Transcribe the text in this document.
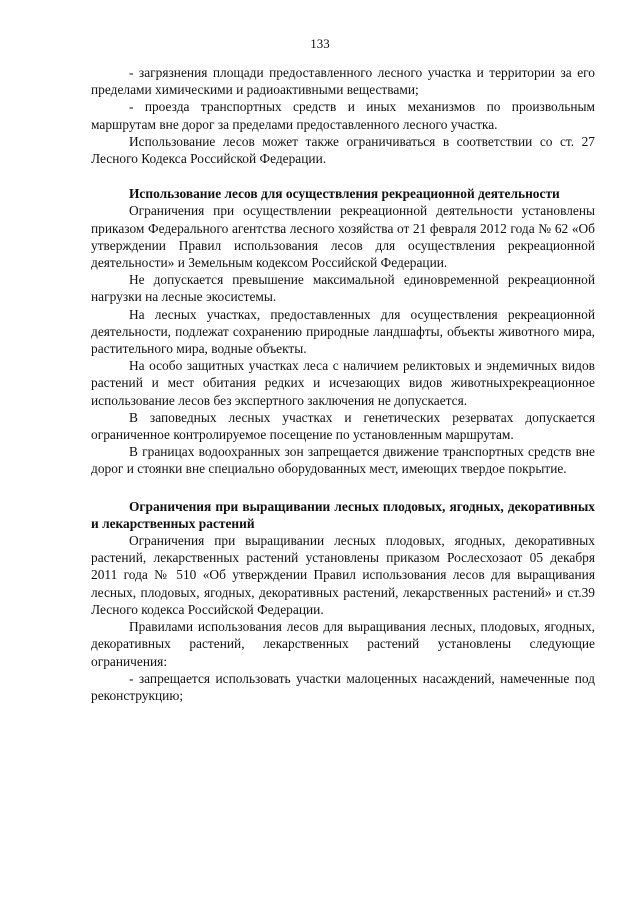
133

- загрязнения площади предоставленного лесного участка и территории за его пределами химическими и радиоактивными веществами;

- проезда транспортных средств и иных механизмов по произвольным маршрутам вне дорог за пределами предоставленного лесного участка.

Использование лесов может также ограничиваться в соответствии со ст. 27 Лесного Кодекса Российской Федерации.

Использование лесов для осуществления рекреационной деятельности

Ограничения при осуществлении рекреационной деятельности установлены приказом Федерального агентства лесного хозяйства от 21 февраля 2012 года № 62 «Об утверждении Правил использования лесов для осуществления рекреационной деятельности» и Земельным кодексом Российской Федерации.

Не допускается превышение максимальной единовременной рекреационной нагрузки на лесные экосистемы.

На лесных участках, предоставленных для осуществления рекреационной деятельности, подлежат сохранению природные ландшафты, объекты животного мира, растительного мира, водные объекты.

На особо защитных участках леса с наличием реликтовых и эндемичных видов растений и мест обитания редких и исчезающих видов животныхрекреационное использование лесов без экспертного заключения не допускается.

В заповедных лесных участках и генетических резерватах допускается ограниченное контролируемое посещение по установленным маршрутам.

В границах водоохранных зон запрещается движение транспортных средств вне дорог и стоянки вне специально оборудованных мест, имеющих твердое покрытие.

Ограничения при выращивании лесных плодовых, ягодных, декоративных и лекарственных растений

Ограничения при выращивании лесных плодовых, ягодных, декоративных растений, лекарственных растений установлены приказом Рослесхозаот 05 декабря 2011 года № 510 «Об утверждении Правил использования лесов для выращивания лесных, плодовых, ягодных, декоративных растений, лекарственных растений» и ст.39 Лесного кодекса Российской Федерации.

Правилами использования лесов для выращивания лесных, плодовых, ягодных, декоративных растений, лекарственных растений установлены следующие ограничения:

- запрещается использовать участки малоценных насаждений, намеченные под реконструкцию;
